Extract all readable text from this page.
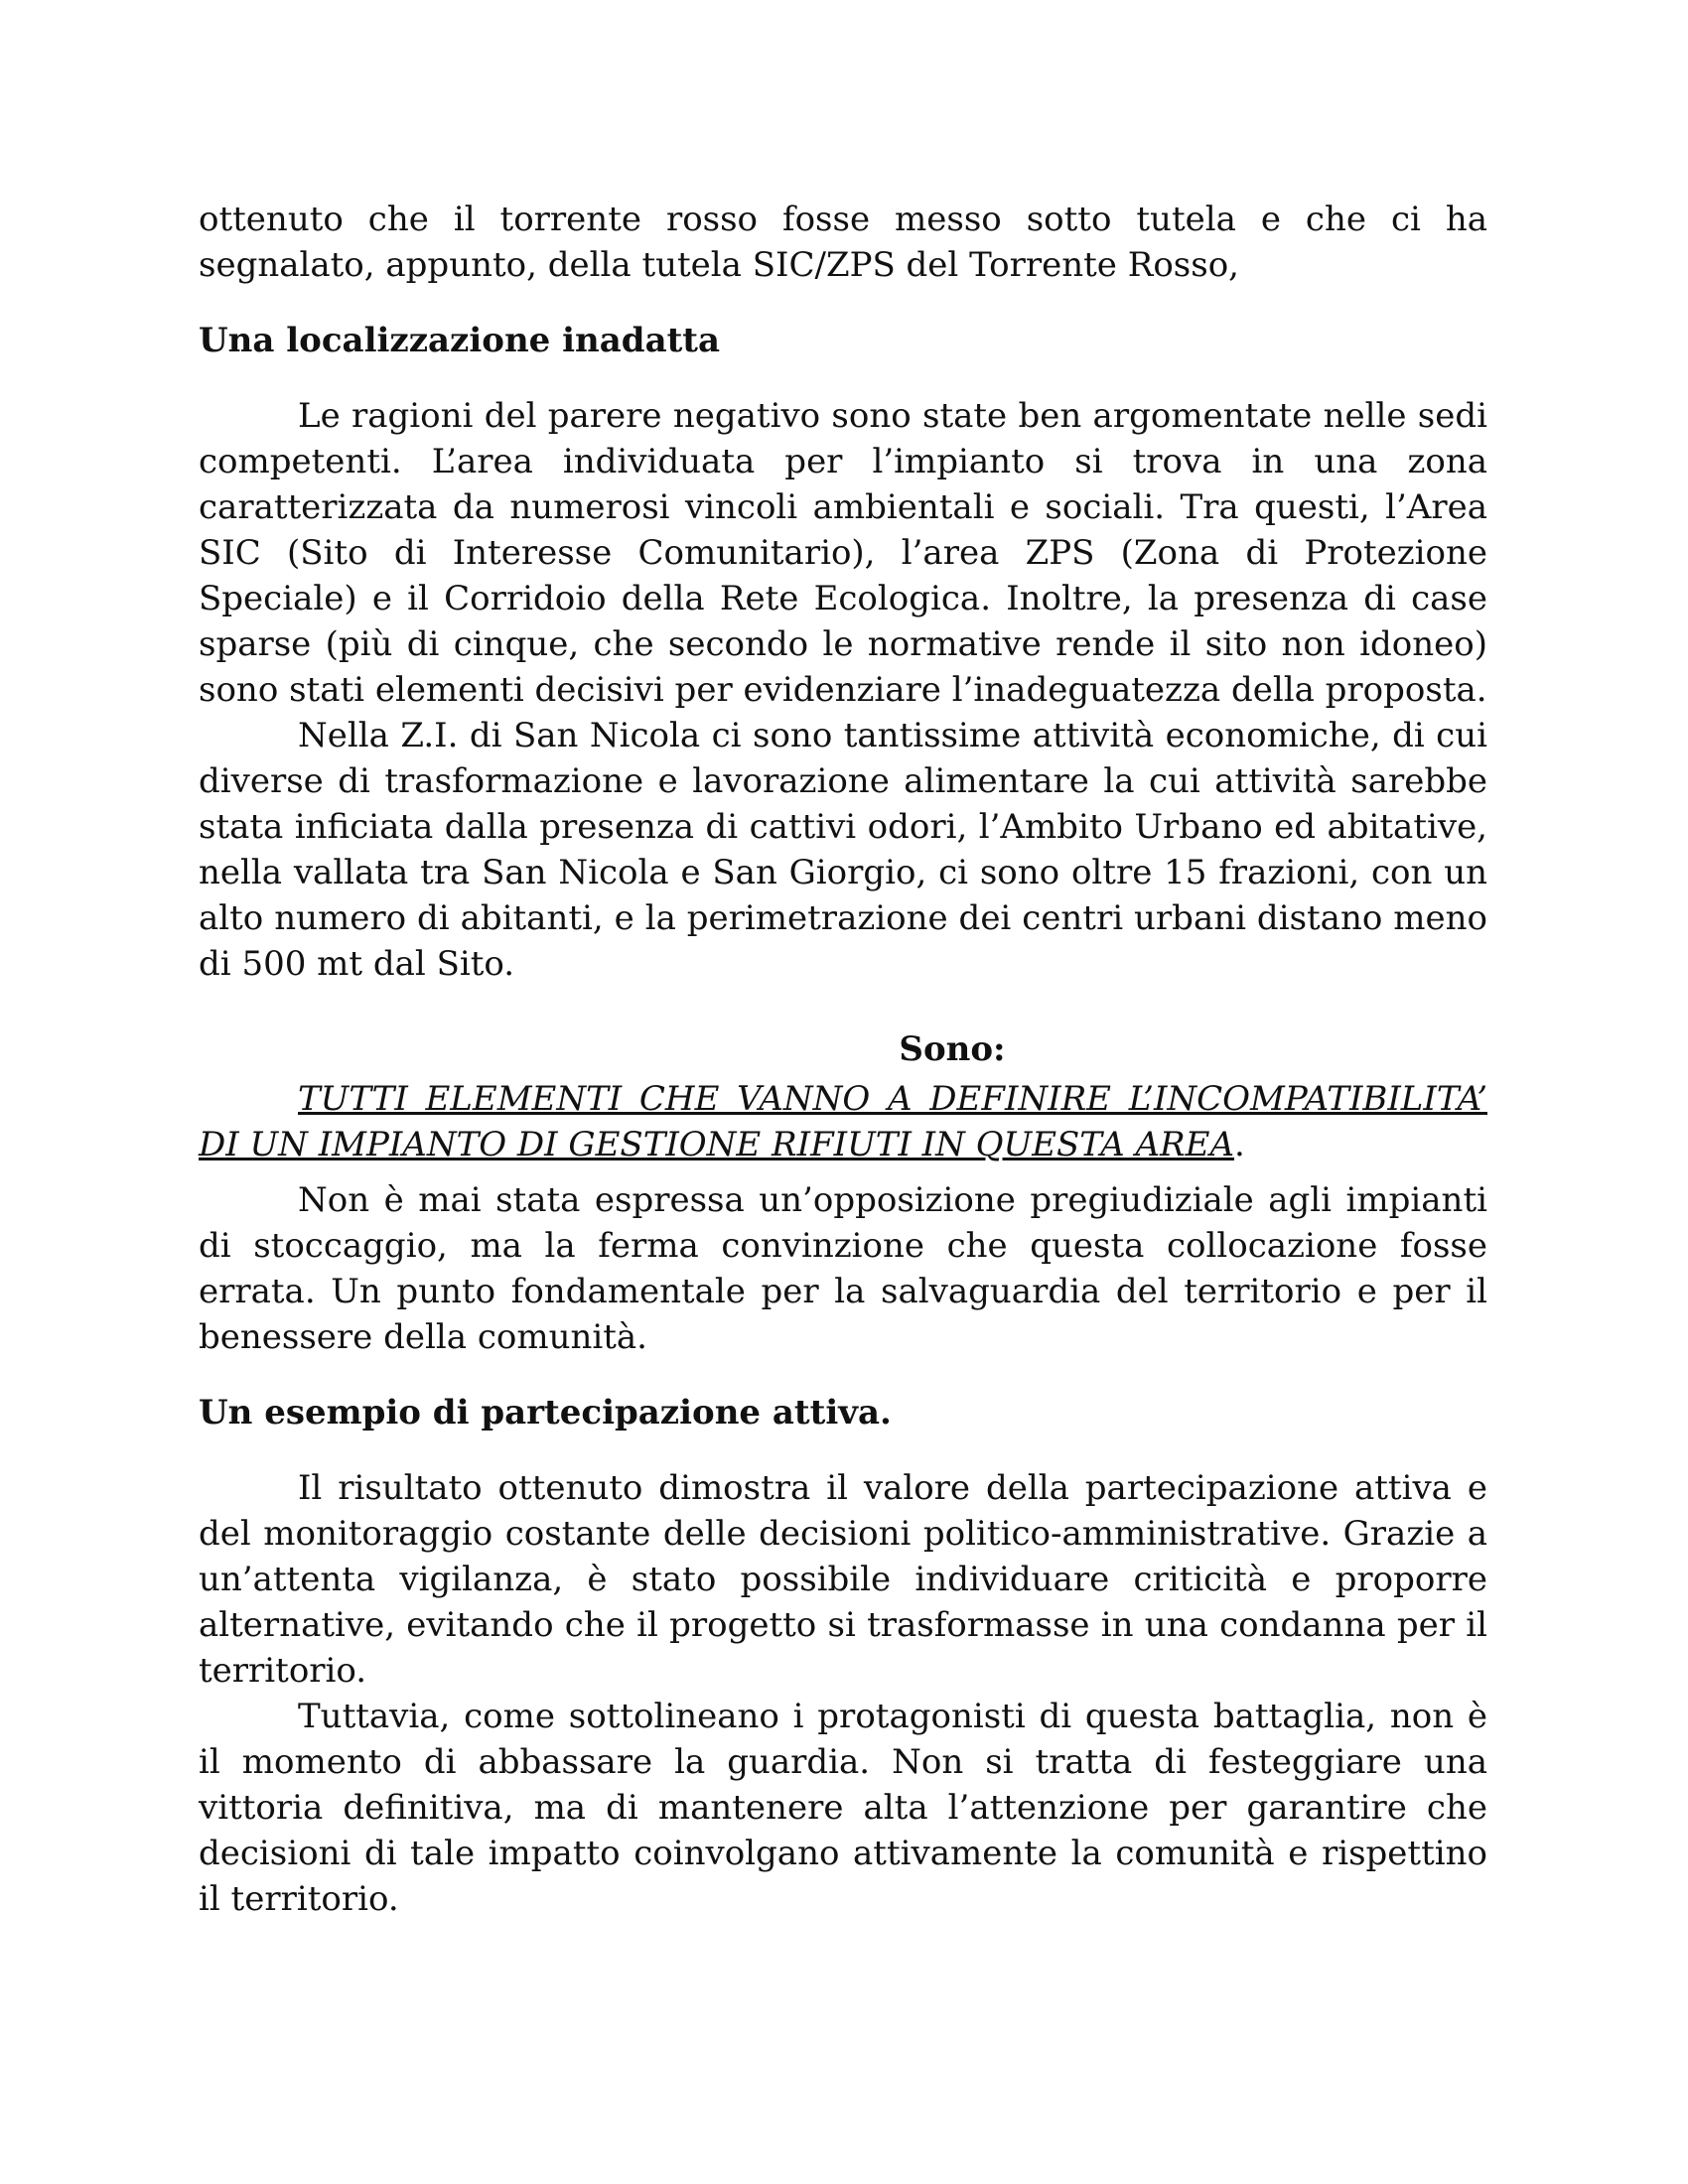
ottenuto che il torrente rosso fosse messo sotto tutela e che ci ha segnalato, appunto, della tutela SIC/ZPS del Torrente Rosso,

Una localizzazione inadatta

Le ragioni del parere negativo sono state ben argomentate nelle sedi competenti. L’area individuata per l’impianto si trova in una zona caratterizzata da numerosi vincoli ambientali e sociali. Tra questi, l’Area SIC (Sito di Interesse Comunitario), l’area ZPS (Zona di Protezione Speciale) e il Corridoio della Rete Ecologica. Inoltre, la presenza di case sparse (più di cinque, che secondo le normative rende il sito non idoneo) sono stati elementi decisivi per evidenziare l’inadeguatezza della proposta.

Nella Z.I. di San Nicola ci sono tantissime attività economiche, di cui diverse di trasformazione e lavorazione alimentare la cui attività sarebbe stata inficiata dalla presenza di cattivi odori, l’Ambito Urbano ed abitative, nella vallata tra San Nicola e San Giorgio, ci sono oltre 15 frazioni, con un alto numero di abitanti, e la perimetrazione dei centri urbani distano meno di 500 mt dal Sito.

Sono:

TUTTI ELEMENTI CHE VANNO A DEFINIRE L’INCOMPATIBILITA’ DI UN IMPIANTO DI GESTIONE RIFIUTI IN QUESTA AREA.

Non è mai stata espressa un’opposizione pregiudiziale agli impianti di stoccaggio, ma la ferma convinzione che questa collocazione fosse errata. Un punto fondamentale per la salvaguardia del territorio e per il benessere della comunità.

Un esempio di partecipazione attiva.

Il risultato ottenuto dimostra il valore della partecipazione attiva e del monitoraggio costante delle decisioni politico-amministrative. Grazie a un’attenta vigilanza, è stato possibile individuare criticità e proporre alternative, evitando che il progetto si trasformasse in una condanna per il territorio.

Tuttavia, come sottolineano i protagonisti di questa battaglia, non è il momento di abbassare la guardia. Non si tratta di festeggiare una vittoria definitiva, ma di mantenere alta l’attenzione per garantire che decisioni di tale impatto coinvolgano attivamente la comunità e rispettino il territorio.
